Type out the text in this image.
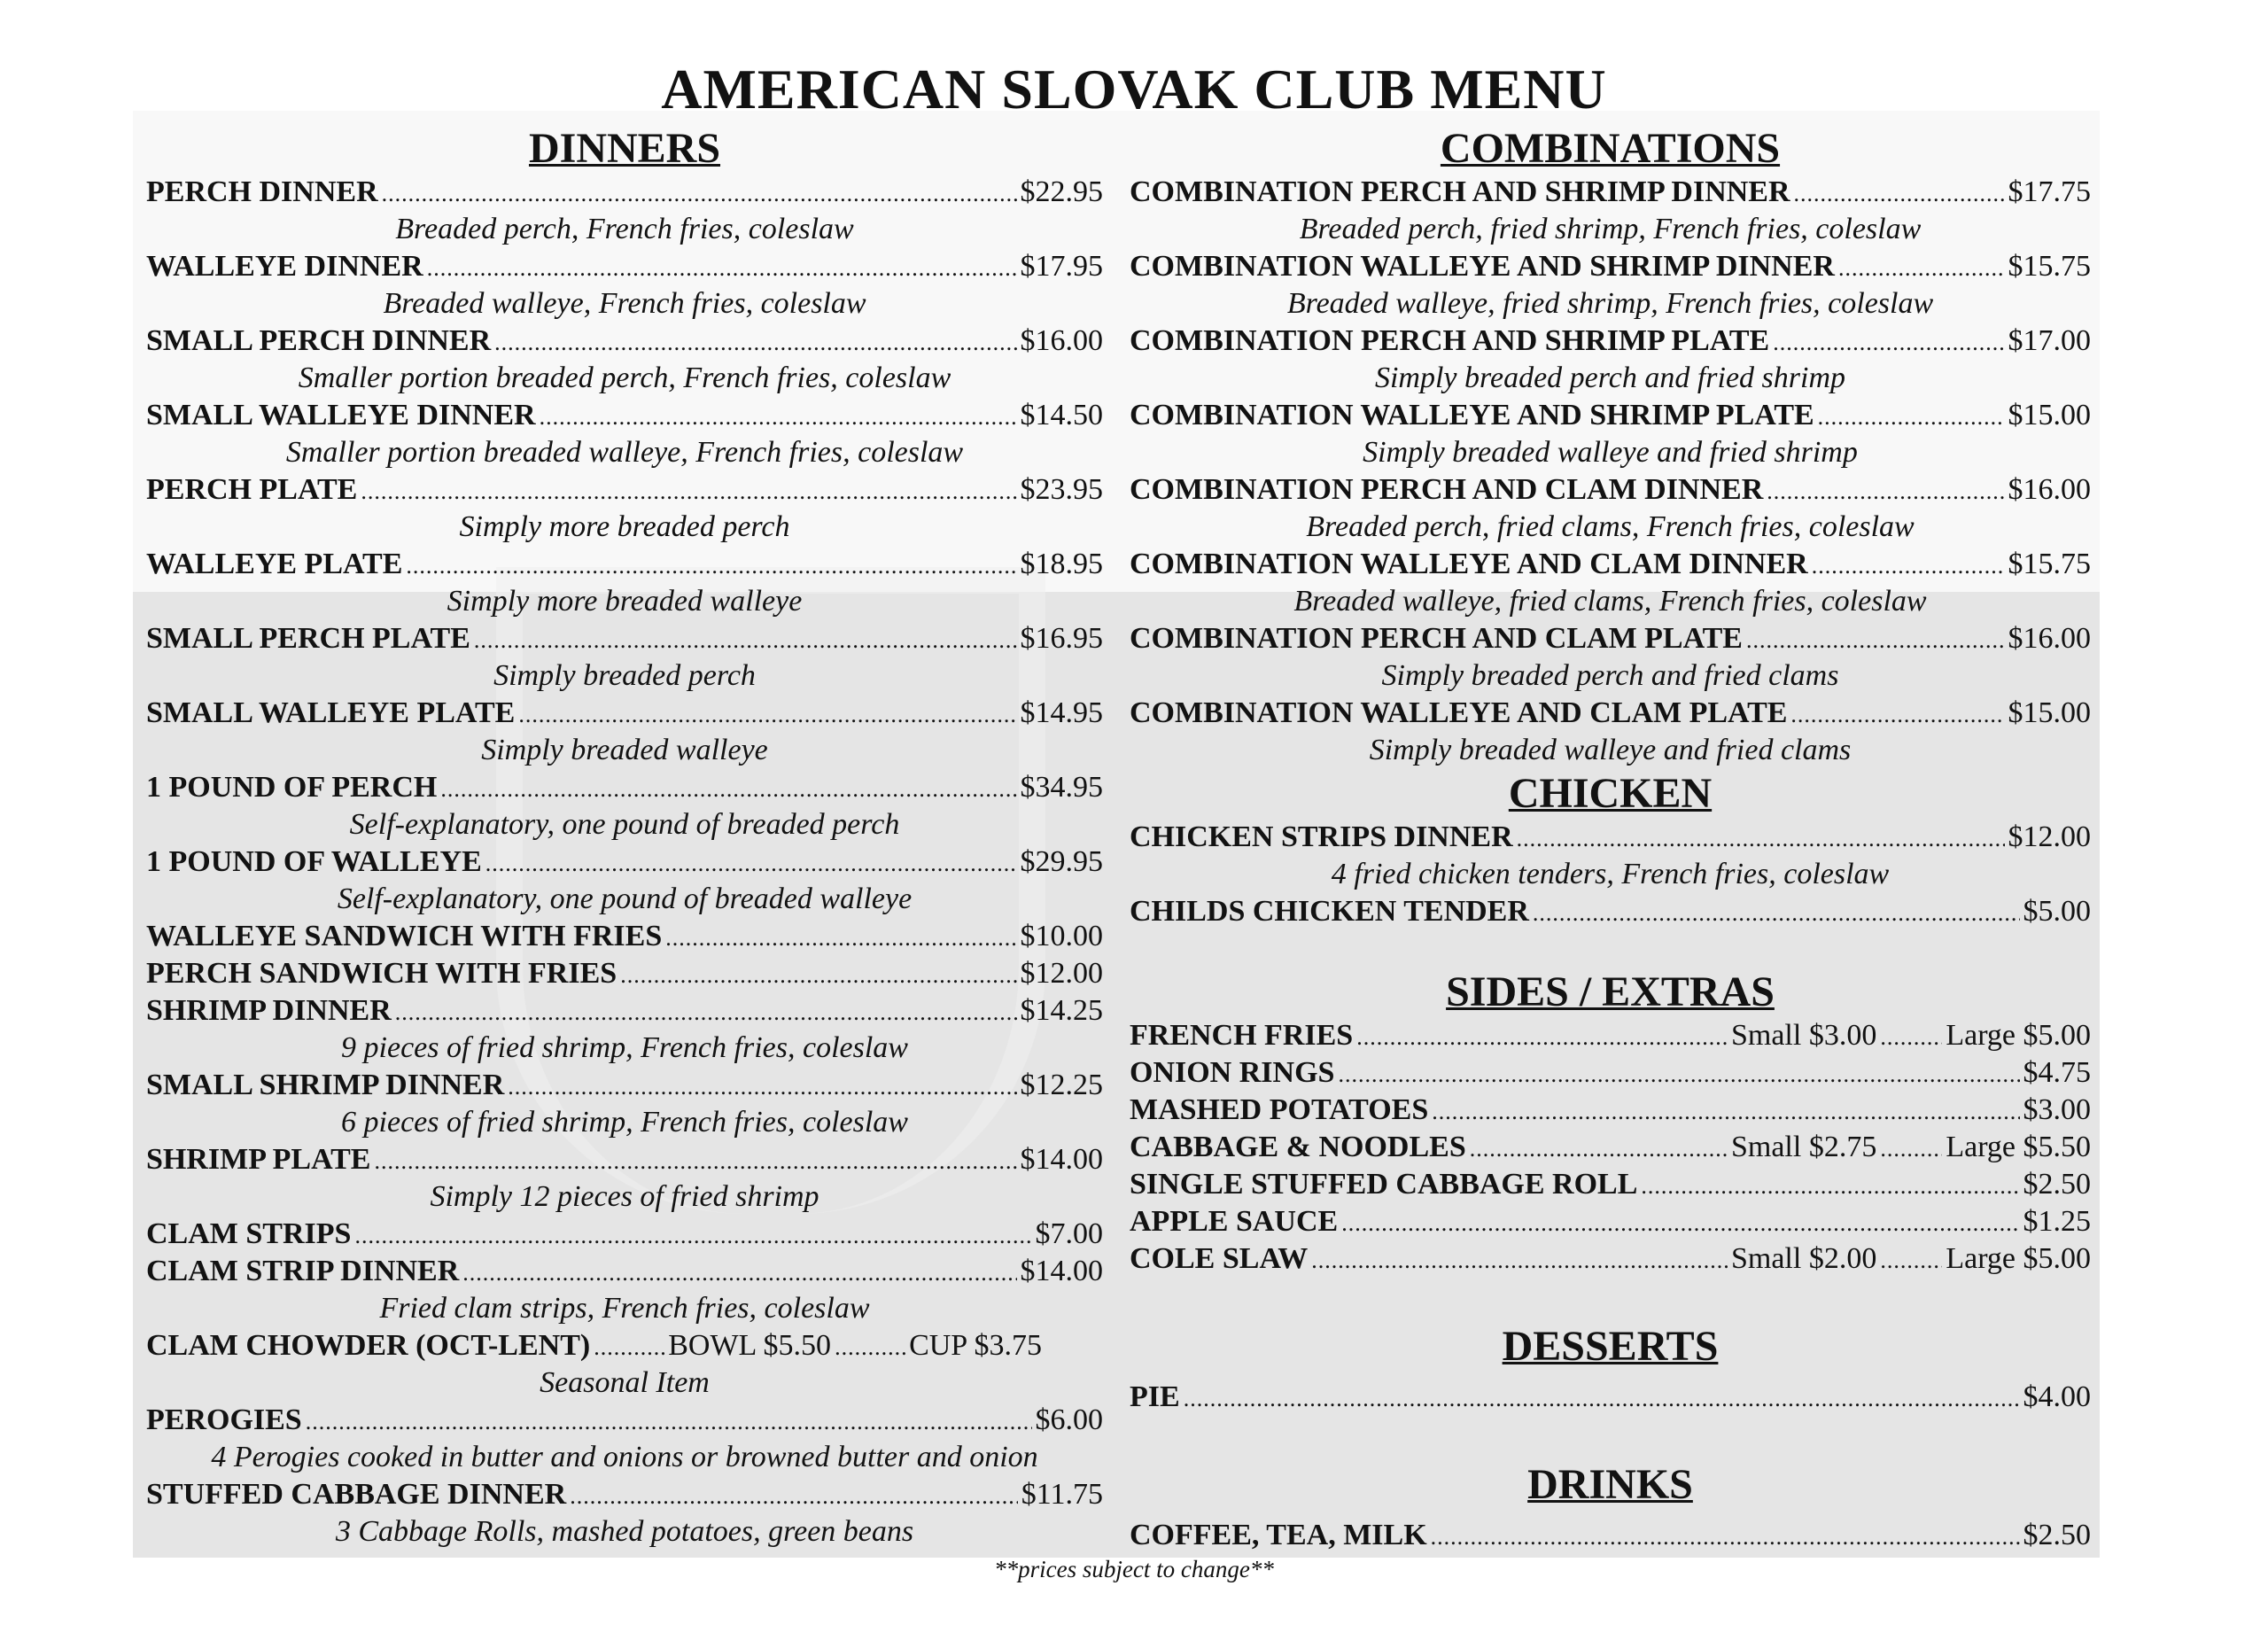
AMERICAN SLOVAK CLUB MENU
DINNERS
PERCH DINNER .....	$22.95
Breaded perch, French fries, coleslaw
WALLEYE DINNER .....	$17.95
Breaded walleye, French fries, coleslaw
SMALL PERCH DINNER .....	$16.00
Smaller portion breaded perch, French fries, coleslaw
SMALL WALLEYE DINNER .....	$14.50
Smaller portion breaded walleye, French fries, coleslaw
PERCH PLATE .....	$23.95
Simply more breaded perch
WALLEYE PLATE .....	$18.95
Simply more breaded walleye
SMALL PERCH PLATE .....	$16.95
Simply breaded perch
SMALL WALLEYE PLATE .....	$14.95
Simply breaded walleye
1 POUND OF PERCH .....	$34.95
Self-explanatory, one pound of breaded perch
1 POUND OF WALLEYE .....	$29.95
Self-explanatory, one pound of breaded walleye
WALLEYE SANDWICH WITH FRIES .....	$10.00
PERCH SANDWICH WITH FRIES .....	$12.00
SHRIMP DINNER .....	$14.25
9 pieces of fried shrimp, French fries, coleslaw
SMALL SHRIMP DINNER .....	$12.25
6 pieces of fried shrimp, French fries, coleslaw
SHRIMP PLATE .....	$14.00
Simply 12 pieces of fried shrimp
CLAM STRIPS .....	$7.00
CLAM STRIP DINNER .....	$14.00
Fried clam strips, French fries, coleslaw
CLAM CHOWDER (OCT-LENT) .....	BOWL $5.50 .....	CUP $3.75
Seasonal Item
PEROGIES .....	$6.00
4 Perogies cooked in butter and onions or browned butter and onion
STUFFED CABBAGE DINNER .....	$11.75
3 Cabbage Rolls, mashed potatoes, green beans
COMBINATIONS
COMBINATION PERCH AND SHRIMP DINNER .....	$17.75
Breaded perch, fried shrimp, French fries, coleslaw
COMBINATION WALLEYE AND SHRIMP DINNER .....	$15.75
Breaded walleye, fried shrimp, French fries, coleslaw
COMBINATION PERCH AND SHRIMP PLATE .....	$17.00
Simply breaded perch and fried shrimp
COMBINATION WALLEYE AND SHRIMP PLATE .....	$15.00
Simply breaded walleye and fried shrimp
COMBINATION PERCH AND CLAM DINNER .....	$16.00
Breaded perch, fried clams, French fries, coleslaw
COMBINATION WALLEYE AND CLAM DINNER .....	$15.75
Breaded walleye, fried clams, French fries, coleslaw
COMBINATION PERCH AND CLAM PLATE .....	$16.00
Simply breaded perch and fried clams
COMBINATION WALLEYE AND CLAM PLATE .....	$15.00
Simply breaded walleye and fried clams
CHICKEN
CHICKEN STRIPS DINNER .....	$12.00
4 fried chicken tenders, French fries, coleslaw
CHILDS CHICKEN TENDER .....	$5.00
SIDES / EXTRAS
FRENCH FRIES .....	Small $3.00 ..... Large $5.00
ONION RINGS .....	$4.75
MASHED POTATOES .....	$3.00
CABBAGE & NOODLES .....	Small $2.75 ..... Large $5.50
SINGLE STUFFED CABBAGE ROLL .....	$2.50
APPLE SAUCE .....	$1.25
COLE SLAW .....	Small $2.00 ..... Large $5.00
DESSERTS
PIE .....	$4.00
DRINKS
COFFEE, TEA, MILK .....	$2.50
**prices subject to change**
